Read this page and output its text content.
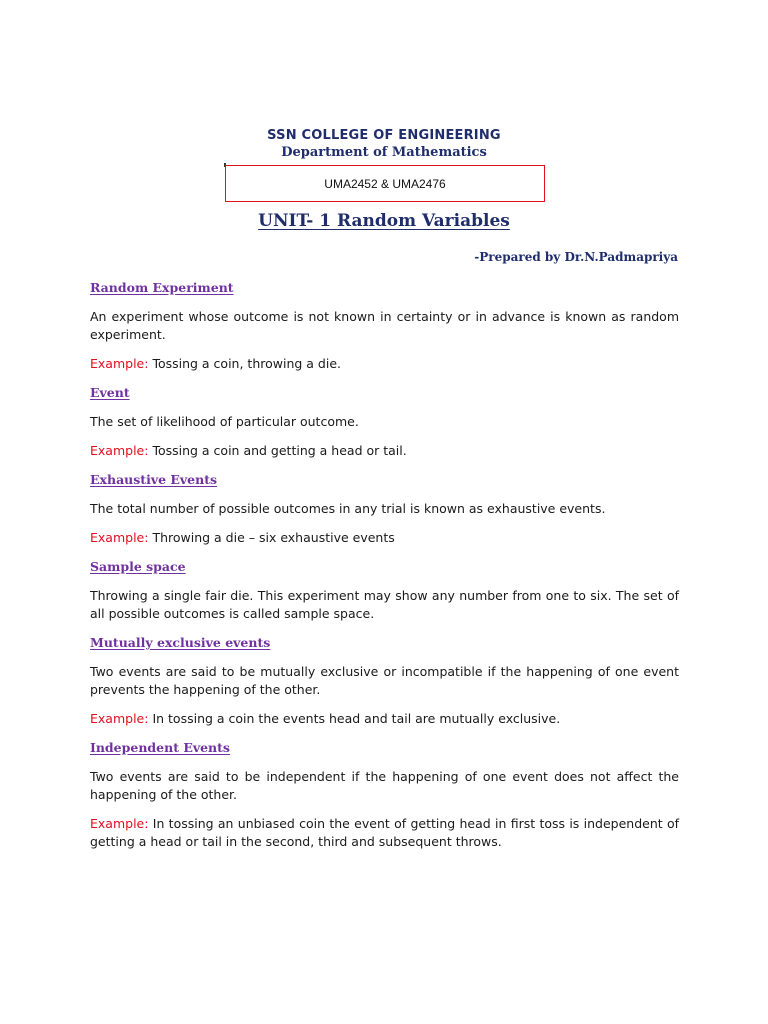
SSN COLLEGE OF ENGINEERING
Department of Mathematics
UMA2452 & UMA2476
UNIT- 1 Random Variables
-Prepared by Dr.N.Padmapriya
Random Experiment
An experiment whose outcome is not known in certainty or in advance is known as random experiment.
Example: Tossing a coin, throwing a die.
Event
The set of likelihood of particular outcome.
Example: Tossing a coin and getting a head or tail.
Exhaustive Events
The total number of possible outcomes in any trial is known as exhaustive events.
Example: Throwing a die – six exhaustive events
Sample space
Throwing a single fair die. This experiment may show any number from one to six. The set of all possible outcomes is called sample space.
Mutually exclusive events
Two events are said to be mutually exclusive or incompatible if the happening of one event prevents the happening of the other.
Example: In tossing a coin the events head and tail are mutually exclusive.
Independent Events
Two events are said to be independent if the happening of one event does not affect the happening of the other.
Example: In tossing an unbiased coin the event of getting head in first toss is independent of getting a head or tail in the second, third and subsequent throws.
